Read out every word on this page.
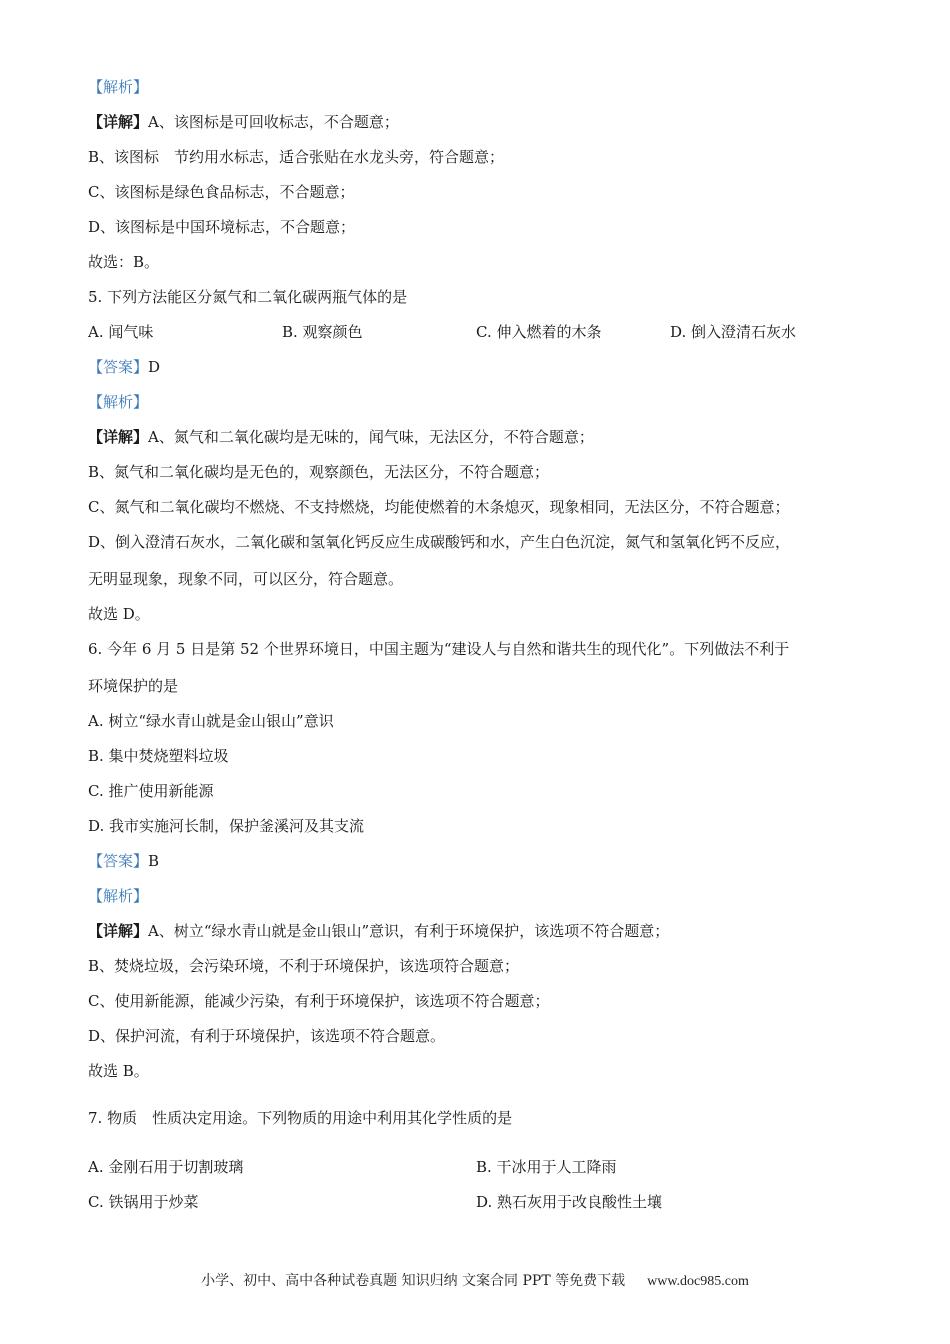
【解析】
【详解】A、该图标是可回收标志，不合题意；
B、该图标　节约用水标志，适合张贴在水龙头旁，符合题意；
C、该图标是绿色食品标志，不合题意；
D、该图标是中国环境标志，不合题意；
故选：B。
5. 下列方法能区分氮气和二氧化碳两瓶气体的是
A. 闻气味	B. 观察颜色	C. 伸入燃着的木条	D. 倒入澄清石灰水
【答案】D
【解析】
【详解】A、氮气和二氧化碳均是无味的，闻气味，无法区分，不符合题意；
B、氮气和二氧化碳均是无色的，观察颜色，无法区分，不符合题意；
C、氮气和二氧化碳均不燃烧、不支持燃烧，均能使燃着的木条熄灭，现象相同，无法区分，不符合题意；
D、倒入澄清石灰水，二氧化碳和氢氧化钙反应生成碳酸钙和水，产生白色沉淀，氮气和氢氧化钙不反应，
无明显现象，现象不同，可以区分，符合题意。
故选 D。
6. 今年 6 月 5 日是第 52 个世界环境日，中国主题为“建设人与自然和谐共生的现代化”。下列做法不利于
环境保护的是
A. 树立“绿水青山就是金山银山”意识
B. 集中焚烧塑料垃圾
C. 推广使用新能源
D. 我市实施河长制，保护釜溪河及其支流
【答案】B
【解析】
【详解】A、树立“绿水青山就是金山银山”意识，有利于环境保护，该选项不符合题意；
B、焚烧垃圾，会污染环境，不利于环境保护，该选项符合题意；
C、使用新能源，能减少污染，有利于环境保护，该选项不符合题意；
D、保护河流，有利于环境保护，该选项不符合题意。
故选 B。
7. 物质　性质决定用途。下列物质的用途中利用其化学性质的是
A. 金刚石用于切割玻璃	B. 干冰用于人工降雨
C. 铁锅用于炒菜	D. 熟石灰用于改良酸性土壤
小学、初中、高中各种试卷真题 知识归纳 文案合同 PPT 等免费下载 www.doc985.com
